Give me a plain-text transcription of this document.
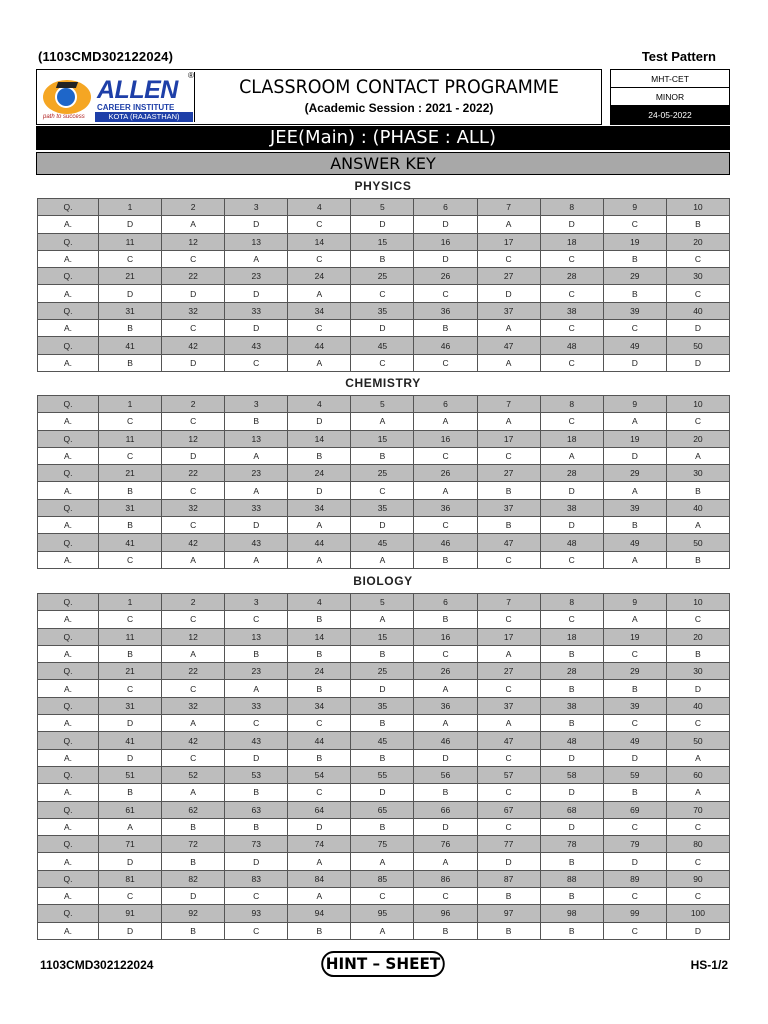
(1103CMD302122024)	Test Pattern
ALLEN
®
CAREER INSTITUTE
KOTA (RAJASTHAN)
path to success
CLASSROOM CONTACT PROGRAMME
(Academic Session : 2021 - 2022)
MHT-CET
MINOR
24-05-2022
JEE(Main) : (PHASE : ALL)
ANSWER KEY
PHYSICS
Q.	1	2	3	4	5	6	7	8	9	10
A.	D	A	D	C	D	D	A	D	C	B
Q.	11	12	13	14	15	16	17	18	19	20
A.	C	C	A	C	B	D	C	C	B	C
Q.	21	22	23	24	25	26	27	28	29	30
A.	D	D	D	A	C	C	D	C	B	C
Q.	31	32	33	34	35	36	37	38	39	40
A.	B	C	D	C	D	B	A	C	C	D
Q.	41	42	43	44	45	46	47	48	49	50
A.	B	D	C	A	C	C	A	C	D	D
CHEMISTRY
Q.	1	2	3	4	5	6	7	8	9	10
A.	C	C	B	D	A	A	A	C	A	C
Q.	11	12	13	14	15	16	17	18	19	20
A.	C	D	A	B	B	C	C	A	D	A
Q.	21	22	23	24	25	26	27	28	29	30
A.	B	C	A	D	C	A	B	D	A	B
Q.	31	32	33	34	35	36	37	38	39	40
A.	B	C	D	A	D	C	B	D	B	A
Q.	41	42	43	44	45	46	47	48	49	50
A.	C	A	A	A	A	B	C	C	A	B
BIOLOGY
Q.	1	2	3	4	5	6	7	8	9	10
A.	C	C	C	B	A	B	C	C	A	C
Q.	11	12	13	14	15	16	17	18	19	20
A.	B	A	B	B	B	C	A	B	C	B
Q.	21	22	23	24	25	26	27	28	29	30
A.	C	C	A	B	D	A	C	B	B	D
Q.	31	32	33	34	35	36	37	38	39	40
A.	D	A	C	C	B	A	A	B	C	C
Q.	41	42	43	44	45	46	47	48	49	50
A.	D	C	D	B	B	D	C	D	D	A
Q.	51	52	53	54	55	56	57	58	59	60
A.	B	A	B	C	D	B	C	D	B	A
Q.	61	62	63	64	65	66	67	68	69	70
A.	A	B	B	D	B	D	C	D	C	C
Q.	71	72	73	74	75	76	77	78	79	80
A.	D	B	D	A	A	A	D	B	D	C
Q.	81	82	83	84	85	86	87	88	89	90
A.	C	D	C	A	C	C	B	B	C	C
Q.	91	92	93	94	95	96	97	98	99	100
A.	D	B	C	B	A	B	B	B	C	D
1103CMD302122024	HINT – SHEET	HS-1/2
